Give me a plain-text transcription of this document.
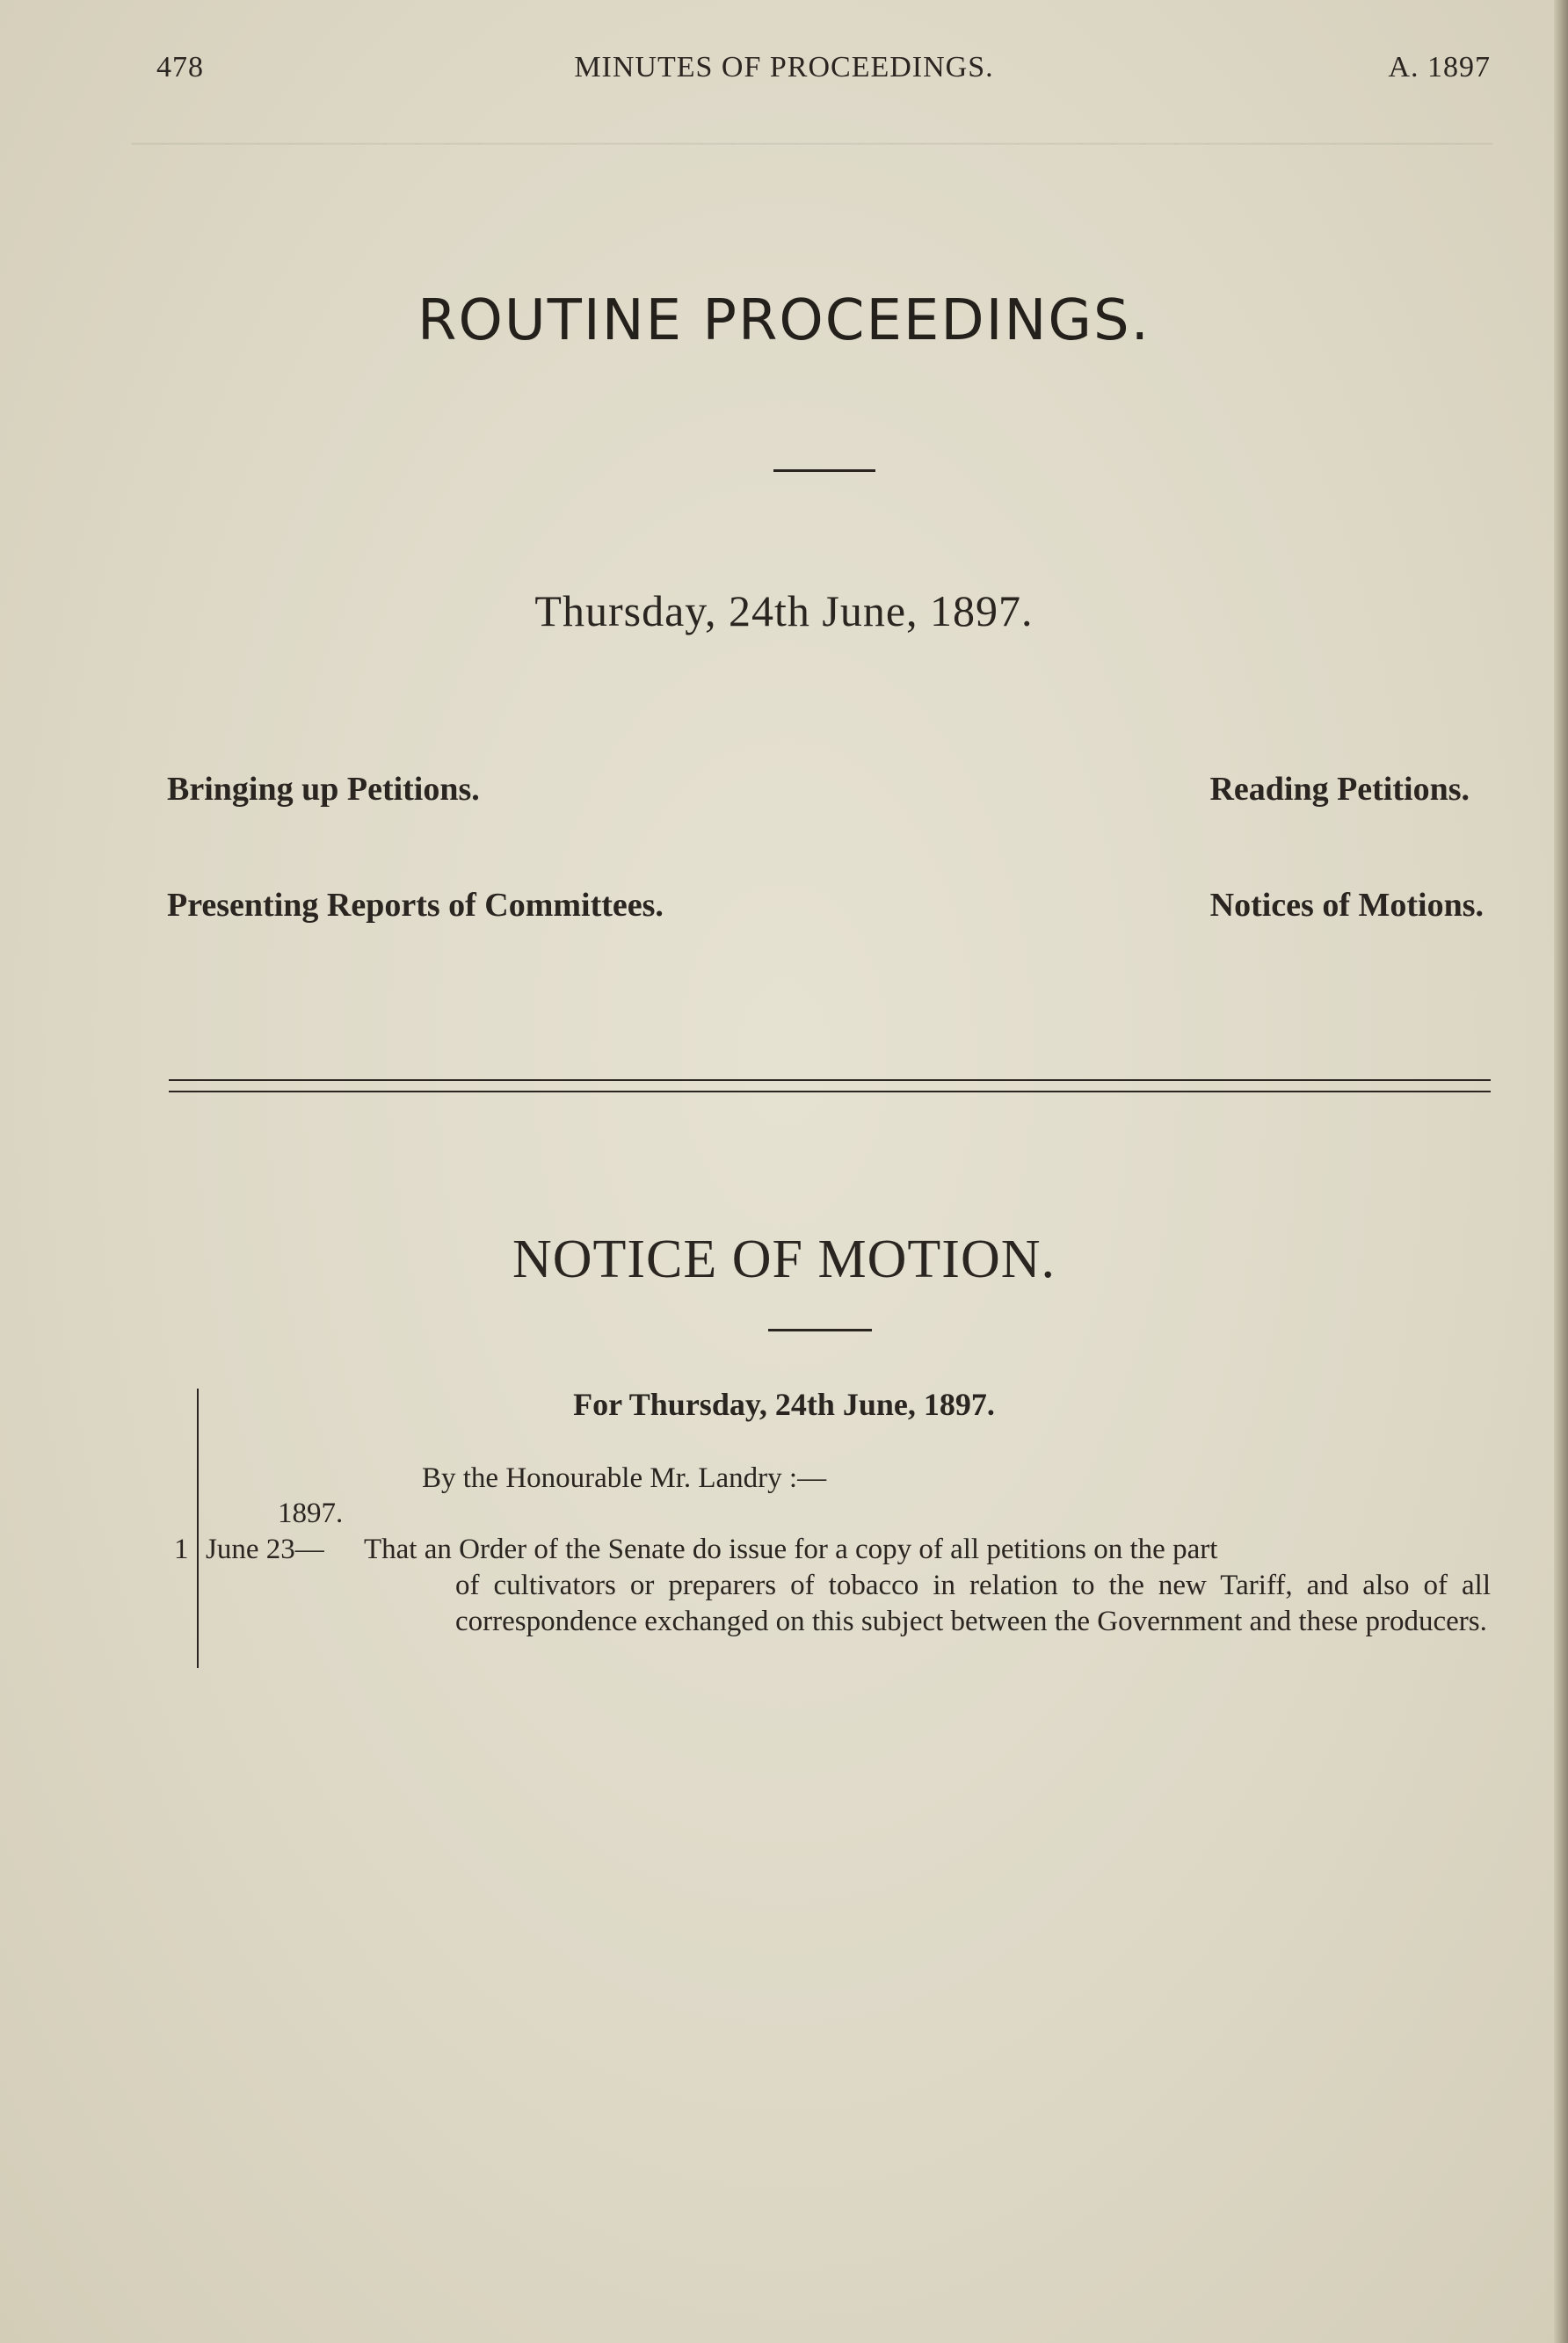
———————————————————————————————————————————
478	MINUTES OF PROCEEDINGS.	A. 1897
ROUTINE PROCEEDINGS.
Thursday, 24th June, 1897.
Bringing up Petitions.	Reading Petitions.
Presenting Reports of Committees.	Notices of Motions.
NOTICE OF MOTION.
For Thursday, 24th June, 1897.
By the Honourable Mr. Landry :—
1897.
1 June 23— That an Order of the Senate do issue for a copy of all petitions on the part
of cultivators or preparers of tobacco in relation to the new Tariff, and also of all correspondence exchanged on this subject between the Government and these producers.
